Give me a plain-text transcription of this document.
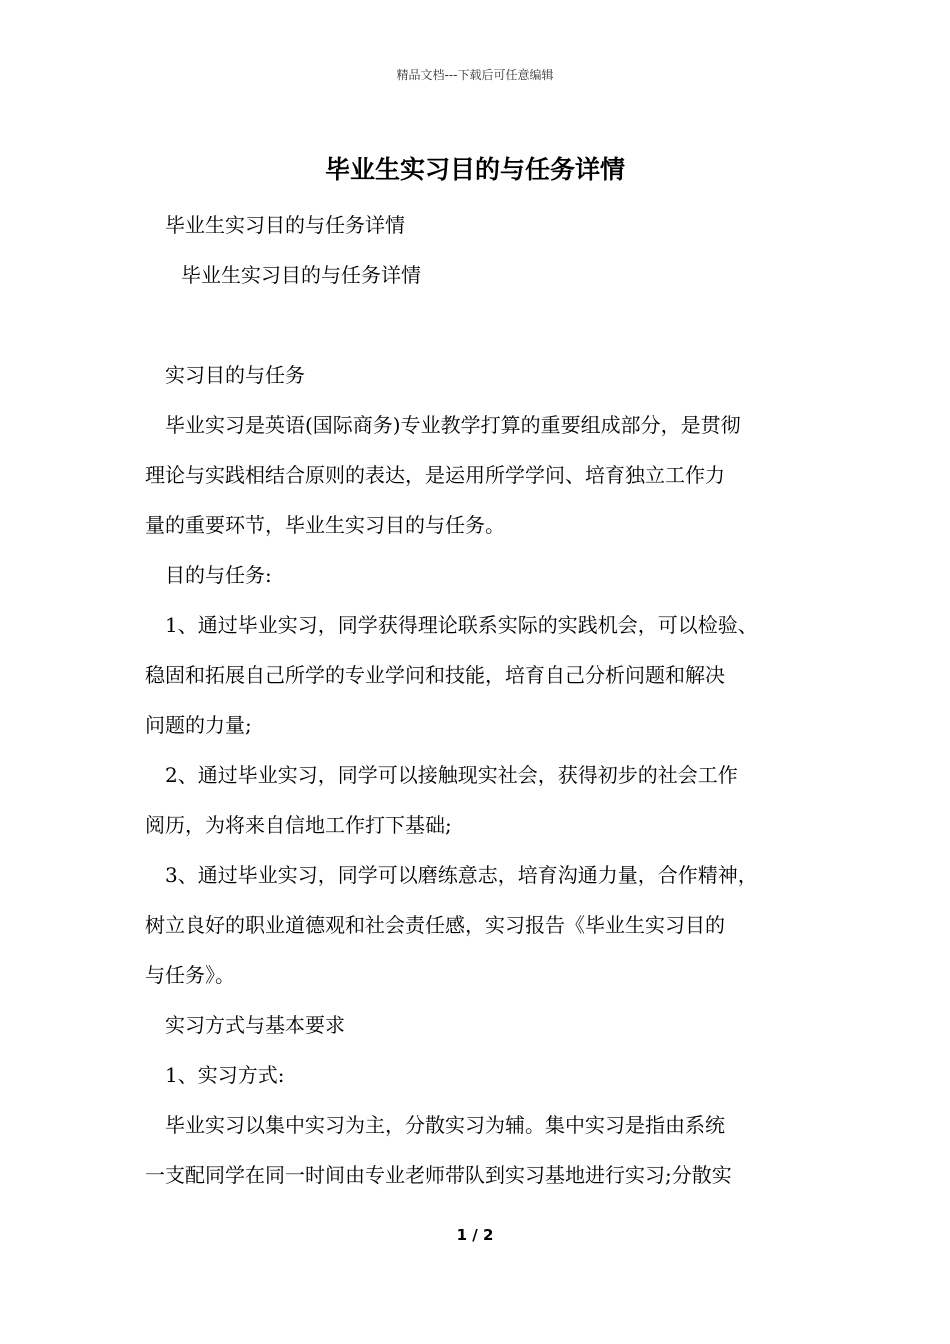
精品文档---下载后可任意编辑
毕业生实习目的与任务详情

毕业生实习目的与任务详情

毕业生实习目的与任务详情

实习目的与任务

毕业实习是英语(国际商务)专业教学打算的重要组成部分，是贯彻

理论与实践相结合原则的表达，是运用所学学问、培育独立工作力

量的重要环节，毕业生实习目的与任务。

目的与任务:

1、通过毕业实习，同学获得理论联系实际的实践机会，可以检验、

稳固和拓展自己所学的专业学问和技能，培育自己分析问题和解决

问题的力量;

2、通过毕业实习，同学可以接触现实社会，获得初步的社会工作

阅历，为将来自信地工作打下基础;

3、通过毕业实习，同学可以磨练意志，培育沟通力量，合作精神，

树立良好的职业道德观和社会责任感，实习报告《毕业生实习目的

与任务》。

实习方式与基本要求

1、实习方式:

毕业实习以集中实习为主，分散实习为辅。集中实习是指由系统

一支配同学在同一时间由专业老师带队到实习基地进行实习;分散实

1 / 2
